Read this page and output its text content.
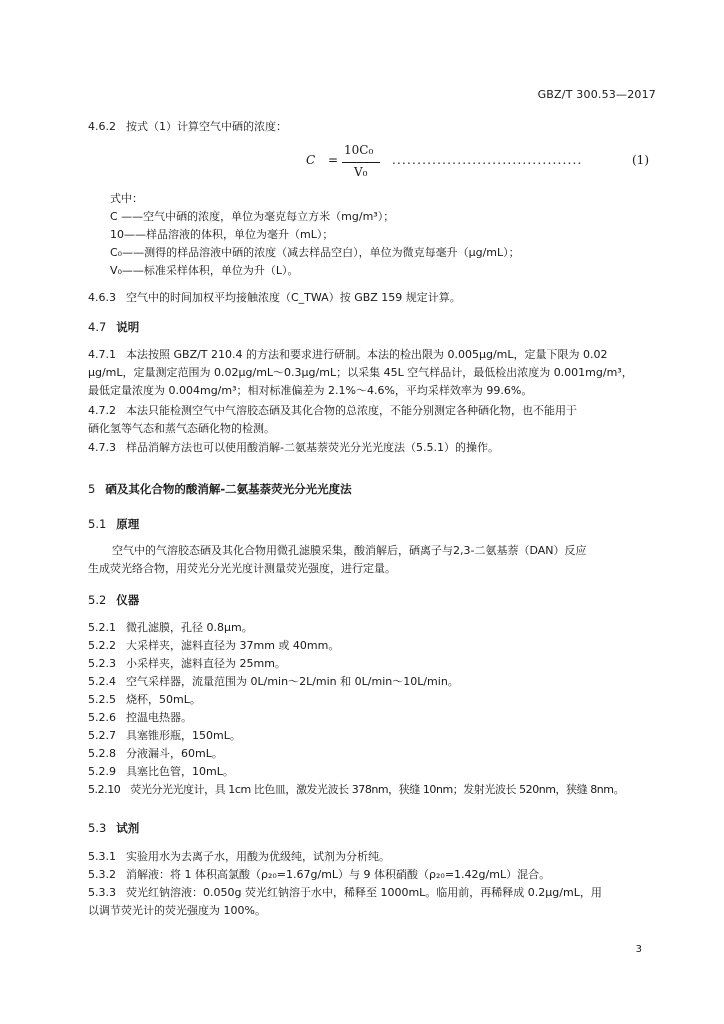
GBZ/T 300.53—2017
4.6.2 按式（1）计算空气中硒的浓度：
C =
10C₀
V₀
......................................	(1)
式中：
C ——空气中硒的浓度，单位为毫克每立方米（mg/m³）；
10——样品溶液的体积，单位为毫升（mL）；
C₀——测得的样品溶液中硒的浓度（减去样品空白），单位为微克每毫升（μg/mL）；
V₀——标准采样体积，单位为升（L）。
4.6.3 空气中的时间加权平均接触浓度（C_TWA）按 GBZ 159 规定计算。
4.7 说明
4.7.1 本法按照 GBZ/T 210.4 的方法和要求进行研制。本法的检出限为 0.005μg/mL，定量下限为 0.02
μg/mL，定量测定范围为 0.02μg/mL～0.3μg/mL；以采集 45L 空气样品计，最低检出浓度为 0.001mg/m³，
最低定量浓度为 0.004mg/m³；相对标准偏差为 2.1%～4.6%，平均采样效率为 99.6%。
4.7.2 本法只能检测空气中气溶胶态硒及其化合物的总浓度，不能分别测定各种硒化物，也不能用于
硒化氢等气态和蒸气态硒化物的检测。
4.7.3 样品消解方法也可以使用酸消解-二氨基萘荧光分光光度法（5.5.1）的操作。
5 硒及其化合物的酸消解-二氨基萘荧光分光光度法
5.1 原理
空气中的气溶胶态硒及其化合物用微孔滤膜采集，酸消解后，硒离子与2,3-二氨基萘（DAN）反应
生成荧光络合物，用荧光分光光度计测量荧光强度，进行定量。
5.2 仪器
5.2.1 微孔滤膜，孔径 0.8μm。
5.2.2 大采样夹，滤料直径为 37mm 或 40mm。
5.2.3 小采样夹，滤料直径为 25mm。
5.2.4 空气采样器，流量范围为 0L/min～2L/min 和 0L/min～10L/min。
5.2.5 烧杯，50mL。
5.2.6 控温电热器。
5.2.7 具塞锥形瓶，150mL。
5.2.8 分液漏斗，60mL。
5.2.9 具塞比色管，10mL。
5.2.10 荧光分光光度计，具 1cm 比色皿，激发光波长 378nm，狭缝 10nm；发射光波长 520nm，狭缝 8nm。
5.3 试剂
5.3.1 实验用水为去离子水，用酸为优级纯，试剂为分析纯。
5.3.2 消解液：将 1 体积高氯酸（ρ₂₀=1.67g/mL）与 9 体积硝酸（ρ₂₀=1.42g/mL）混合。
5.3.3 荧光红钠溶液：0.050g 荧光红钠溶于水中，稀释至 1000mL。临用前，再稀释成 0.2μg/mL，用
以调节荧光计的荧光强度为 100%。
3
